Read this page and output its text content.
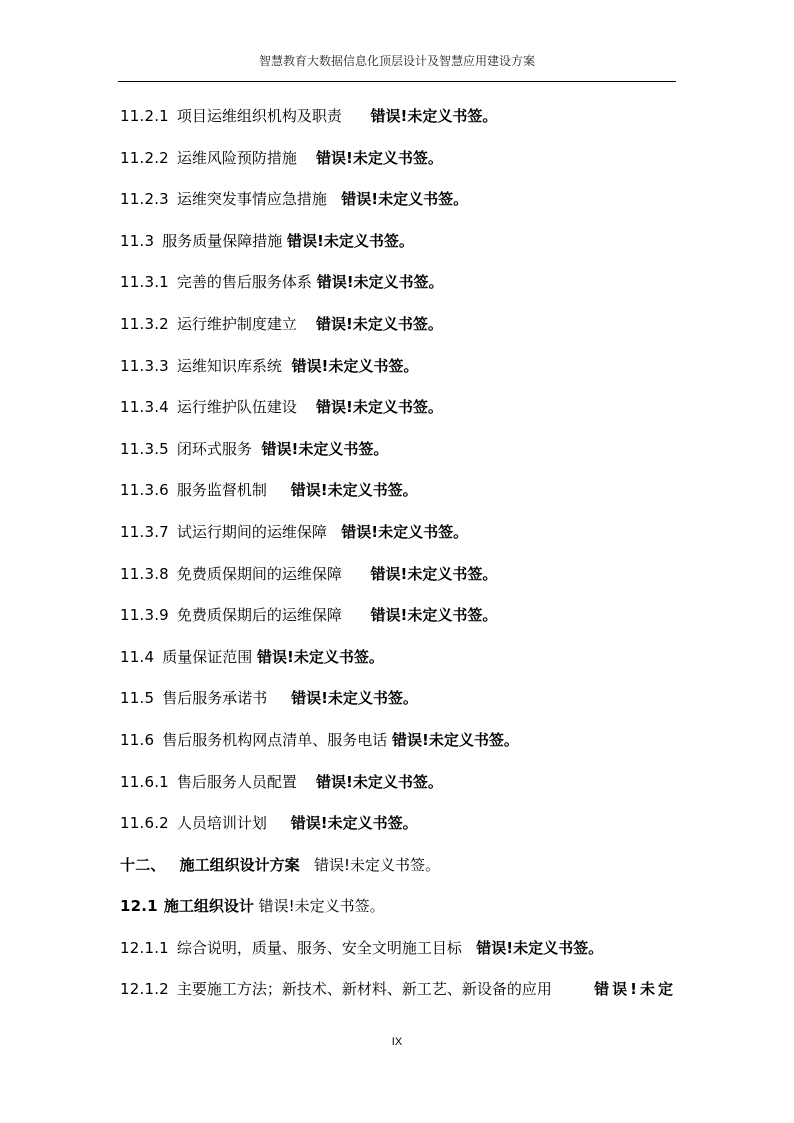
智慧教育大数据信息化顶层设计及智慧应用建设方案
11.2.1 项目运维组织机构及职责 错误!未定义书签。
11.2.2 运维风险预防措施 错误!未定义书签。
11.2.3 运维突发事情应急措施 错误!未定义书签。
11.3 服务质量保障措施 错误!未定义书签。
11.3.1 完善的售后服务体系 错误!未定义书签。
11.3.2 运行维护制度建立 错误!未定义书签。
11.3.3 运维知识库系统 错误!未定义书签。
11.3.4 运行维护队伍建设 错误!未定义书签。
11.3.5 闭环式服务 错误!未定义书签。
11.3.6 服务监督机制 错误!未定义书签。
11.3.7 试运行期间的运维保障 错误!未定义书签。
11.3.8 免费质保期间的运维保障 错误!未定义书签。
11.3.9 免费质保期后的运维保障 错误!未定义书签。
11.4 质量保证范围 错误!未定义书签。
11.5 售后服务承诺书 错误!未定义书签。
11.6 售后服务机构网点清单、服务电话 错误!未定义书签。
11.6.1 售后服务人员配置 错误!未定义书签。
11.6.2 人员培训计划 错误!未定义书签。
十二、 施工组织设计方案 错误!未定义书签。
12.1 施工组织设计 错误!未定义书签。
12.1.1 综合说明，质量、服务、安全文明施工目标 错误!未定义书签。
12.1.2 主要施工方法；新技术、新材料、新工艺、新设备的应用	错误!未定
IX
